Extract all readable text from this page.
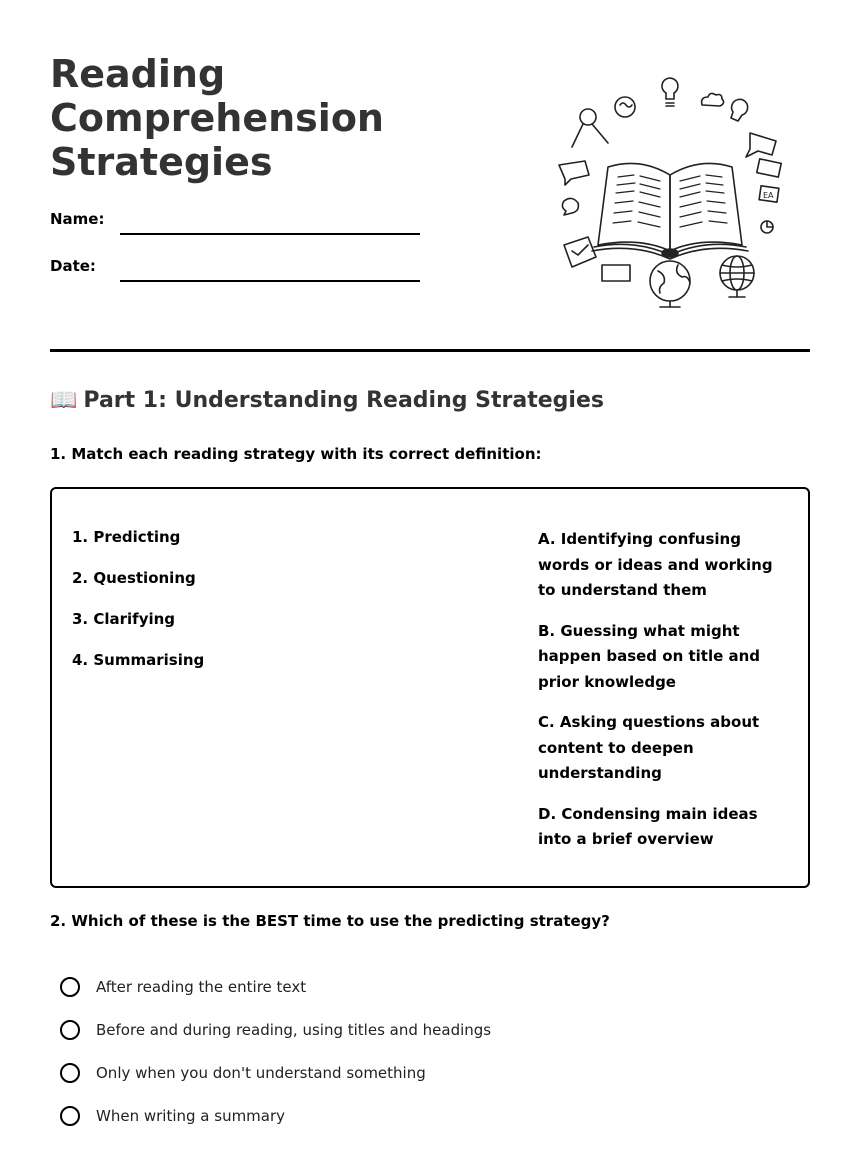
Reading
Comprehension
Strategies
Name:
Date:
EA
📖 Part 1: Understanding Reading Strategies

1. Match each reading strategy with its correct definition:

1. Predicting
2. Questioning
3. Clarifying
4. Summarising
A. Identifying confusing words or ideas and working to understand them
B. Guessing what might happen based on title and prior knowledge
C. Asking questions about content to deepen understanding
D. Condensing main ideas into a brief overview

2. Which of these is the BEST time to use the predicting strategy?

After reading the entire text
Before and during reading, using titles and headings
Only when you don't understand something
When writing a summary
